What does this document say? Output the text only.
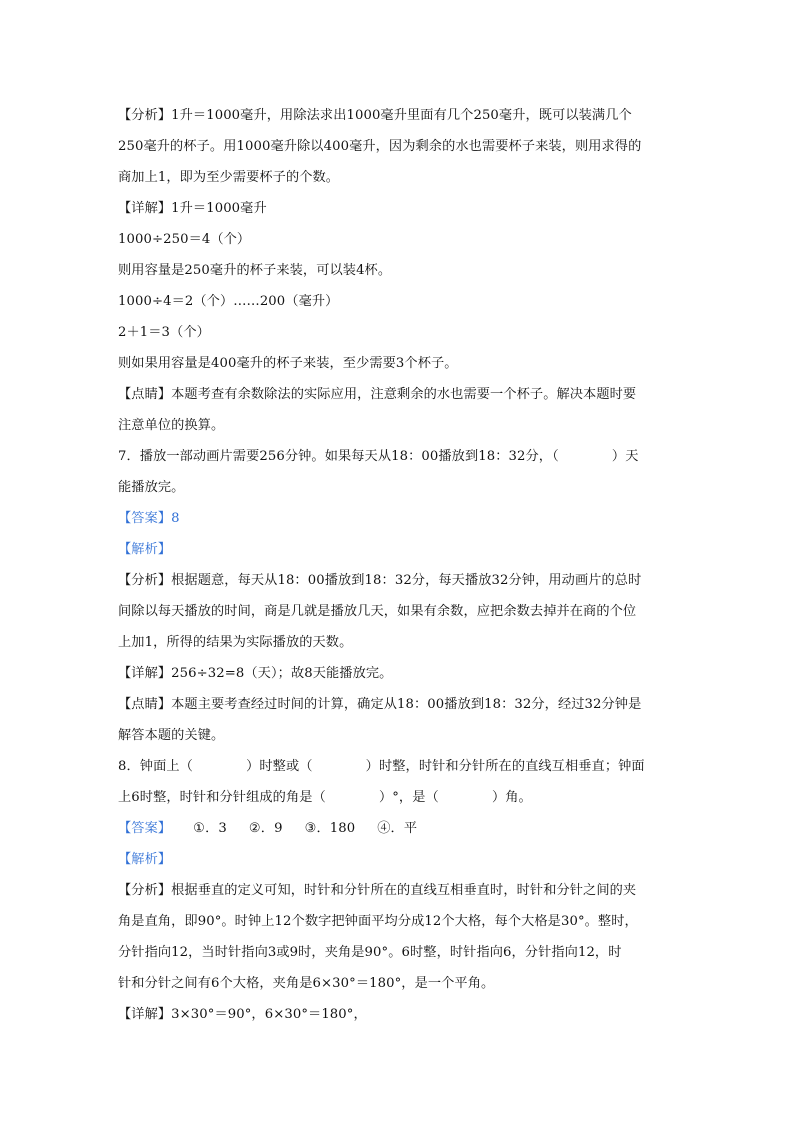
【分析】1升＝1000毫升，用除法求出1000毫升里面有几个250毫升，既可以装满几个
250毫升的杯子。用1000毫升除以400毫升，因为剩余的水也需要杯子来装，则用求得的
商加上1，即为至少需要杯子的个数。
【详解】1升＝1000毫升
1000÷250＝4（个）
则用容量是250毫升的杯子来装，可以装4杯。
1000÷4＝2（个）……200（毫升）
2＋1＝3（个）
则如果用容量是400毫升的杯子来装，至少需要3个杯子。
【点睛】本题考查有余数除法的实际应用，注意剩余的水也需要一个杯子。解决本题时要
注意单位的换算。
7．播放一部动画片需要256分钟。如果每天从18：00播放到18：32分，（　　　　）天
能播放完。
【答案】8
【解析】
【分析】根据题意，每天从18：00播放到18：32分，每天播放32分钟，用动画片的总时
间除以每天播放的时间，商是几就是播放几天，如果有余数，应把余数去掉并在商的个位
上加1，所得的结果为实际播放的天数。
【详解】256÷32=8（天）；故8天能播放完。
【点睛】本题主要考查经过时间的计算，确定从18：00播放到18：32分，经过32分钟是
解答本题的关键。
8．钟面上（　　　　）时整或（　　　　）时整，时针和分针所在的直线互相垂直；钟面
上6时整，时针和分针组成的角是（　　　　）°，是（　　　　）角。
【答案】 ①．3 ②．9 ③．180 ④．平
【解析】
【分析】根据垂直的定义可知，时针和分针所在的直线互相垂直时，时针和分针之间的夹
角是直角，即90°。时钟上12个数字把钟面平均分成12个大格，每个大格是30°。整时，
分针指向12，当时针指向3或9时，夹角是90°。6时整，时针指向6，分针指向12，时
针和分针之间有6个大格，夹角是6×30°＝180°，是一个平角。
【详解】3×30°＝90°，6×30°＝180°，
